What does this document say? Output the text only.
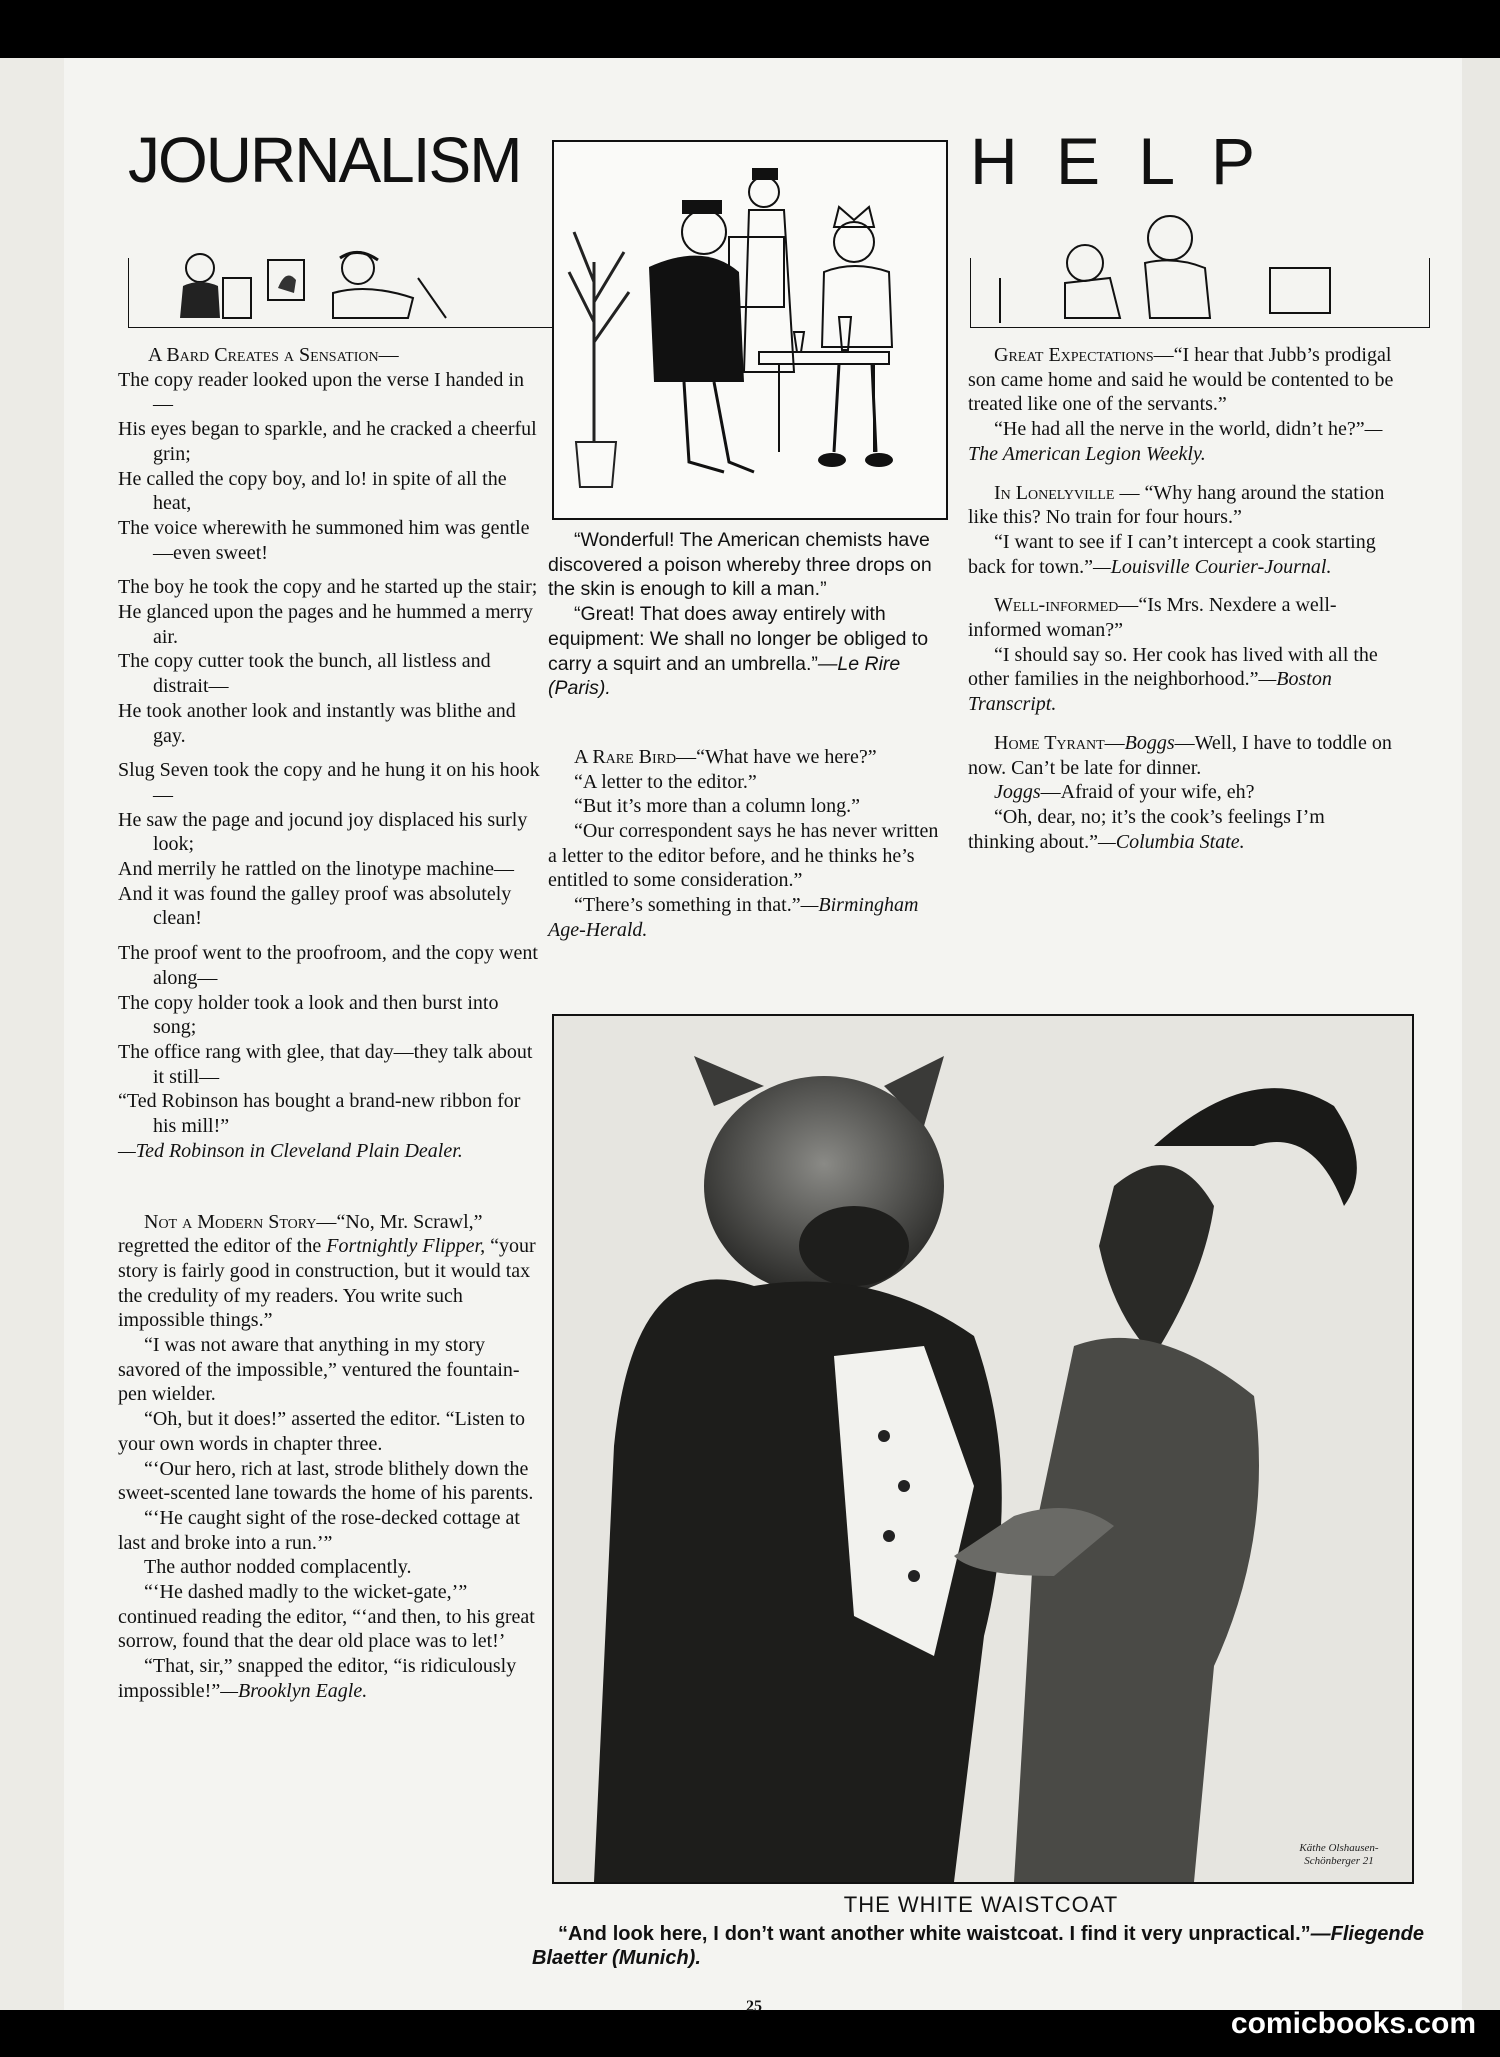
JOURNALISM

A Bard Creates a Sensation—

The copy reader looked upon the verse I handed in—

His eyes began to sparkle, and he cracked a cheerful grin;

He called the copy boy, and lo! in spite of all the heat,

The voice wherewith he summoned him was gentle—even sweet!

The boy he took the copy and he started up the stair;

He glanced upon the pages and he hummed a merry air.

The copy cutter took the bunch, all listless and distrait—

He took another look and instantly was blithe and gay.

Slug Seven took the copy and he hung it on his hook—

He saw the page and jocund joy displaced his surly look;

And merrily he rattled on the linotype machine—

And it was found the galley proof was absolutely clean!

The proof went to the proofroom, and the copy went along—

The copy holder took a look and then burst into song;

The office rang with glee, that day—they talk about it still—

“Ted Robinson has bought a brand-new ribbon for his mill!”

—Ted Robinson in Cleveland Plain Dealer.

Not a Modern Story—“No, Mr. Scrawl,” regretted the editor of the Fortnightly Flipper, “your story is fairly good in construction, but it would tax the credulity of my readers. You write such impossible things.”

“I was not aware that anything in my story savored of the impossible,” ventured the fountain-pen wielder.

“Oh, but it does!” asserted the editor. “Listen to your own words in chapter three.

“‘Our hero, rich at last, strode blithely down the sweet-scented lane towards the home of his parents.

“‘He caught sight of the rose-decked cottage at last and broke into a run.’”

The author nodded complacently.

“‘He dashed madly to the wicket-gate,’” continued reading the editor, “‘and then, to his great sorrow, found that the dear old place was to let!’

“That, sir,” snapped the editor, “is ridiculously impossible!”—Brooklyn Eagle.

“Wonderful! The American chemists have discovered a poison whereby three drops on the skin is enough to kill a man.”

“Great! That does away entirely with equipment: We shall no longer be obliged to carry a squirt and an umbrella.”—Le Rire (Paris).

A Rare Bird—“What have we here?”

“A letter to the editor.”

“But it’s more than a column long.”

“Our correspondent says he has never written a letter to the editor before, and he thinks he’s entitled to some consideration.”

“There’s something in that.”—Birmingham Age-Herald.

H E L P

Great Expectations—“I hear that Jubb’s prodigal son came home and said he would be contented to be treated like one of the servants.”

“He had all the nerve in the world, didn’t he?”—The American Legion Weekly.

In Lonelyville — “Why hang around the station like this? No train for four hours.”

“I want to see if I can’t intercept a cook starting back for town.”—Louisville Courier-Journal.

Well-informed—“Is Mrs. Nexdere a well-informed woman?”

“I should say so. Her cook has lived with all the other families in the neighborhood.”—Boston Transcript.

Home Tyrant—Boggs—Well, I have to toddle on now. Can’t be late for dinner.

Joggs—Afraid of your wife, eh?

“Oh, dear, no; it’s the cook’s feelings I’m thinking about.”—Columbia State.

Käthe Olshausen-Schönberger 21
THE WHITE WAISTCOAT
“And look here, I don’t want another white waistcoat. I find it very unpractical.”—Fliegende Blaetter (Munich).
25
comicbooks.com
